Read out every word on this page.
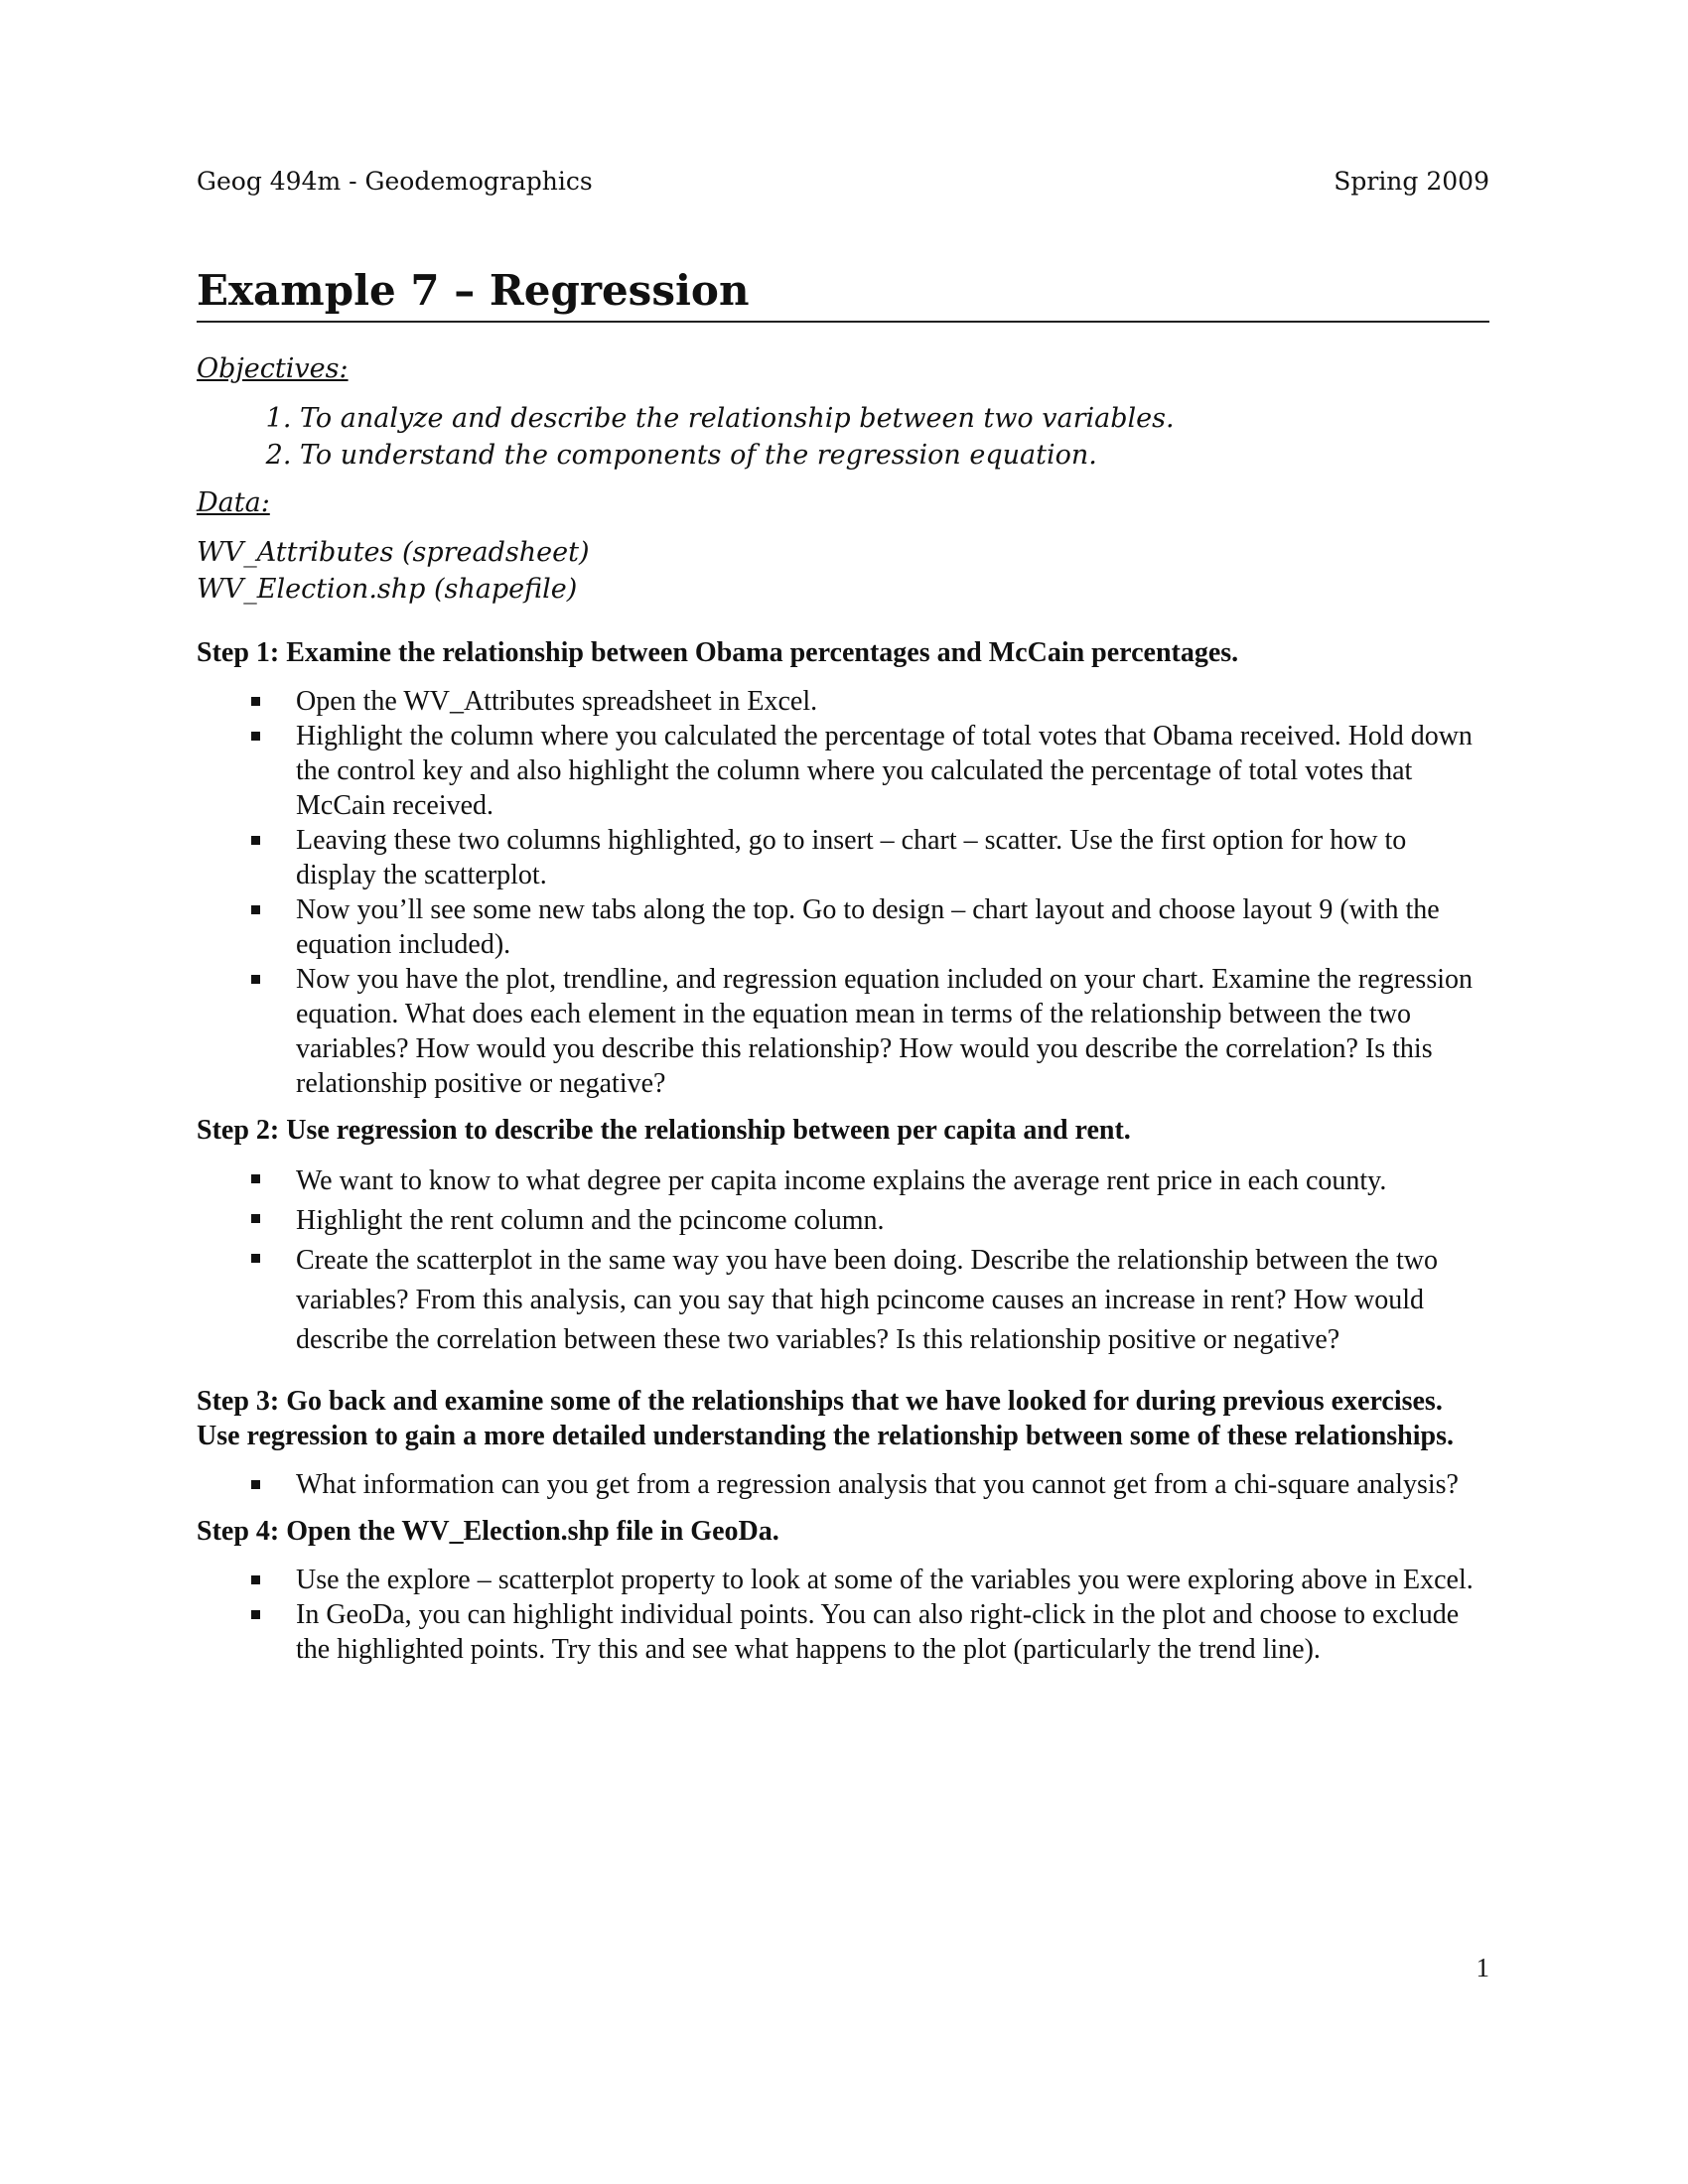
Geog 494m - Geodemographics	Spring 2009
Example 7 – Regression
Objectives:
1. To analyze and describe the relationship between two variables.
2. To understand the components of the regression equation.
Data:
WV_Attributes (spreadsheet)
WV_Election.shp (shapefile)
Step 1: Examine the relationship between Obama percentages and McCain percentages.
Open the WV_Attributes spreadsheet in Excel.
Highlight the column where you calculated the percentage of total votes that Obama received. Hold down the control key and also highlight the column where you calculated the percentage of total votes that McCain received.
Leaving these two columns highlighted, go to insert – chart – scatter. Use the first option for how to display the scatterplot.
Now you’ll see some new tabs along the top. Go to design – chart layout and choose layout 9 (with the equation included).
Now you have the plot, trendline, and regression equation included on your chart. Examine the regression equation. What does each element in the equation mean in terms of the relationship between the two variables? How would you describe this relationship? How would you describe the correlation? Is this relationship positive or negative?
Step 2: Use regression to describe the relationship between per capita and rent.
We want to know to what degree per capita income explains the average rent price in each county.
Highlight the rent column and the pcincome column.
Create the scatterplot in the same way you have been doing. Describe the relationship between the two variables? From this analysis, can you say that high pcincome causes an increase in rent? How would describe the correlation between these two variables? Is this relationship positive or negative?
Step 3: Go back and examine some of the relationships that we have looked for during previous exercises. Use regression to gain a more detailed understanding the relationship between some of these relationships.
What information can you get from a regression analysis that you cannot get from a chi-square analysis?
Step 4: Open the WV_Election.shp file in GeoDa.
Use the explore – scatterplot property to look at some of the variables you were exploring above in Excel.
In GeoDa, you can highlight individual points. You can also right-click in the plot and choose to exclude the highlighted points. Try this and see what happens to the plot (particularly the trend line).
1
